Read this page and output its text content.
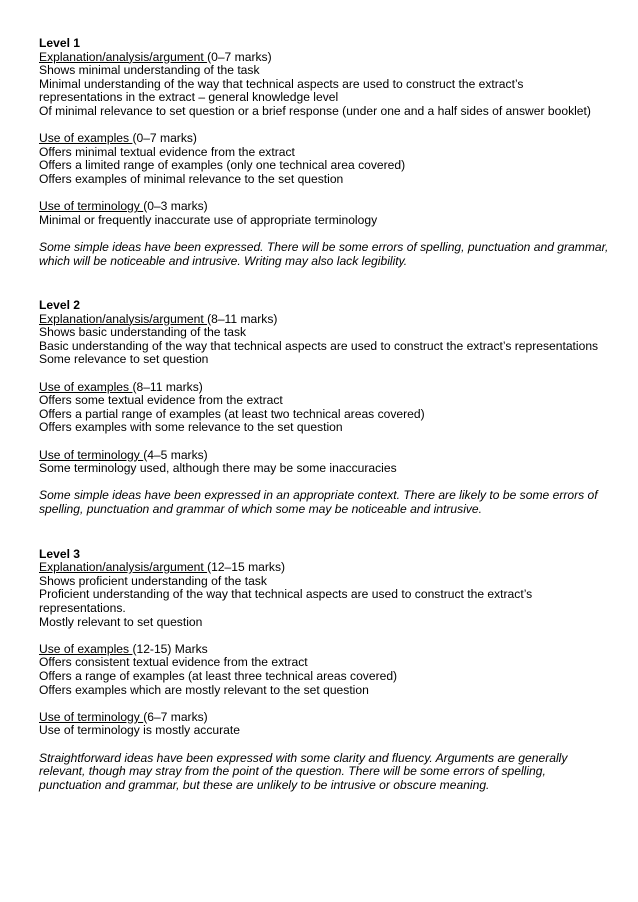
Level 1
Explanation/analysis/argument (0–7 marks)
Shows minimal understanding of the task
Minimal understanding of the way that technical aspects are used to construct the extract’s representations in the extract – general knowledge level
Of minimal relevance to set question or a brief response (under one and a half sides of answer booklet)
Use of examples (0–7 marks)
Offers minimal textual evidence from the extract
Offers a limited range of examples (only one technical area covered)
Offers examples of minimal relevance to the set question
Use of terminology (0–3 marks)
Minimal or frequently inaccurate use of appropriate terminology
Some simple ideas have been expressed. There will be some errors of spelling, punctuation and grammar, which will be noticeable and intrusive. Writing may also lack legibility.
Level 2
Explanation/analysis/argument (8–11 marks)
Shows basic understanding of the task
Basic understanding of the way that technical aspects are used to construct the extract’s representations
Some relevance to set question
Use of examples (8–11 marks)
Offers some textual evidence from the extract
Offers a partial range of examples (at least two technical areas covered)
Offers examples with some relevance to the set question
Use of terminology (4–5 marks)
Some terminology used, although there may be some inaccuracies
Some simple ideas have been expressed in an appropriate context. There are likely to be some errors of spelling, punctuation and grammar of which some may be noticeable and intrusive.
Level 3
Explanation/analysis/argument (12–15 marks)
Shows proficient understanding of the task
Proficient understanding of the way that technical aspects are used to construct the extract’s representations.
Mostly relevant to set question
Use of examples (12-15) Marks
Offers consistent textual evidence from the extract
Offers a range of examples (at least three technical areas covered)
Offers examples which are mostly relevant to the set question
Use of terminology (6–7 marks)
Use of terminology is mostly accurate
Straightforward ideas have been expressed with some clarity and fluency. Arguments are generally relevant, though may stray from the point of the question. There will be some errors of spelling, punctuation and grammar, but these are unlikely to be intrusive or obscure meaning.
